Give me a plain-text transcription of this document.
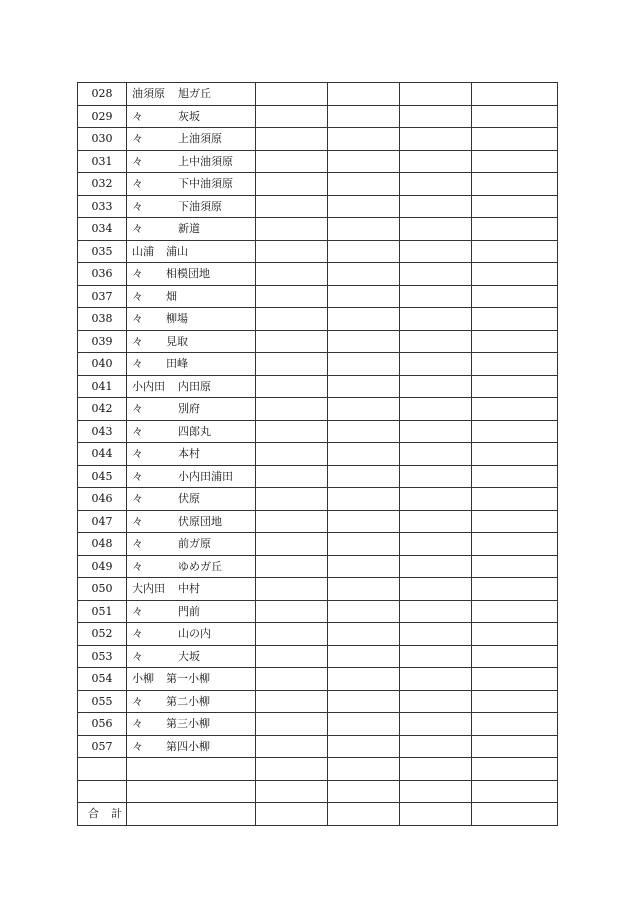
028	油須原 旭ガ丘				
029	々 灰坂				
030	々 上油須原				
031	々 上中油須原				
032	々 下中油須原				
033	々 下油須原				
034	々 新道				
035	山浦 浦山				
036	々 相模団地				
037	々 畑				
038	々 柳場				
039	々 見取				
040	々 田峰				
041	小内田 内田原				
042	々 別府				
043	々 四郎丸				
044	々 本村				
045	々 小内田浦田				
046	々 伏原				
047	々 伏原団地				
048	々 前ガ原				
049	々 ゆめガ丘				
050	大内田 中村				
051	々 門前				
052	々 山の内				
053	々 大坂				
054	小柳 第一小柳				
055	々 第二小柳				
056	々 第三小柳				
057	々 第四小柳				

合計					
